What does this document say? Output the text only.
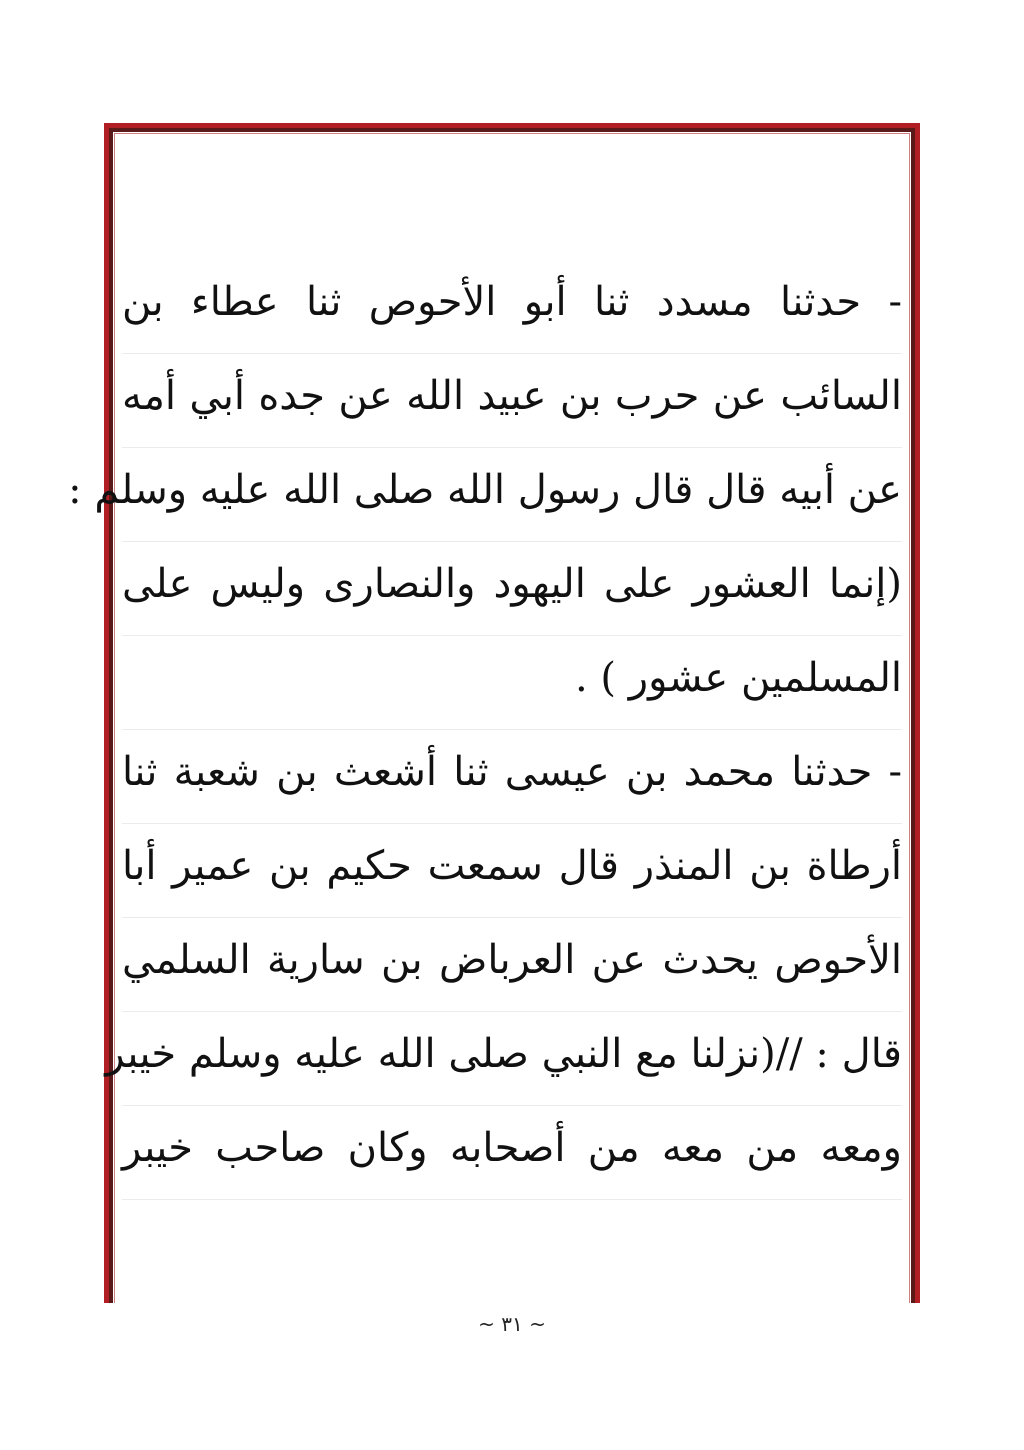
- حدثنا مسدد ثنا أبو الأحوص ثنا عطاء بن
السائب عن حرب بن عبيد الله عن جده أبي أمه
عن أبيه قال قال رسول الله صلى الله عليه وسلم :
(إنما العشور على اليهود والنصارى وليس على
المسلمين عشور ) .
- حدثنا محمد بن عيسى ثنا أشعث بن شعبة ثنا
أرطاة بن المنذر قال سمعت حكيم بن عمير أبا
الأحوص يحدث عن العرباض بن سارية السلمي
قال : //(نزلنا مع النبي صلى الله عليه وسلم خيبر
ومعه من معه من أصحابه وكان صاحب خيبر
~ ٣١ ~
